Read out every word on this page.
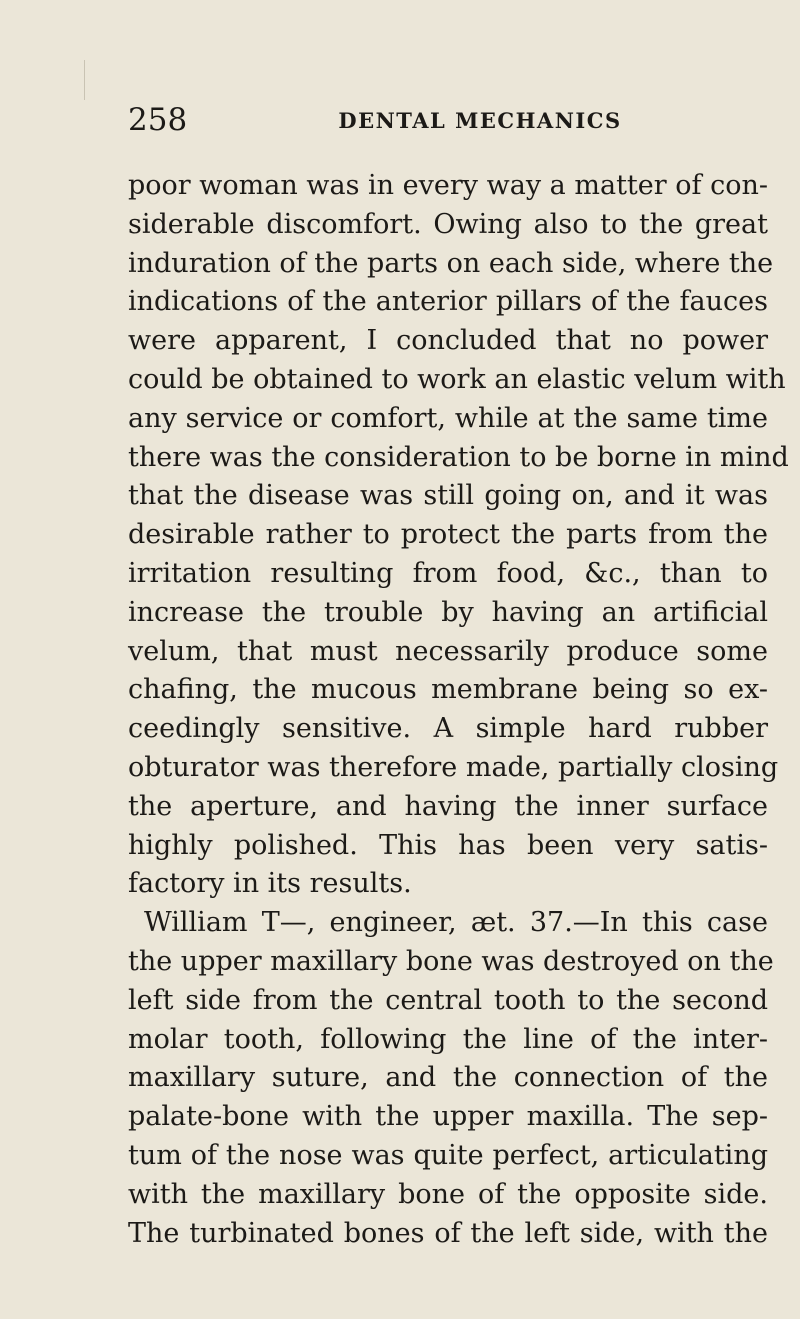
258	DENTAL MECHANICS
poor woman was in every way a matter of con-
siderable discomfort. Owing also to the great
induration of the parts on each side, where the
indications of the anterior pillars of the fauces
were apparent, I concluded that no power
could be obtained to work an elastic velum with
any service or comfort, while at the same time
there was the consideration to be borne in mind
that the disease was still going on, and it was
desirable rather to protect the parts from the
irritation resulting from food, &c., than to
increase the trouble by having an artificial
velum, that must necessarily produce some
chafing, the mucous membrane being so ex-
ceedingly sensitive. A simple hard rubber
obturator was therefore made, partially closing
the aperture, and having the inner surface
highly polished. This has been very satis-
factory in its results.
William T—, engineer, æt. 37.—In this case
the upper maxillary bone was destroyed on the
left side from the central tooth to the second
molar tooth, following the line of the inter-
maxillary suture, and the connection of the
palate-bone with the upper maxilla. The sep-
tum of the nose was quite perfect, articulating
with the maxillary bone of the opposite side.
The turbinated bones of the left side, with the
